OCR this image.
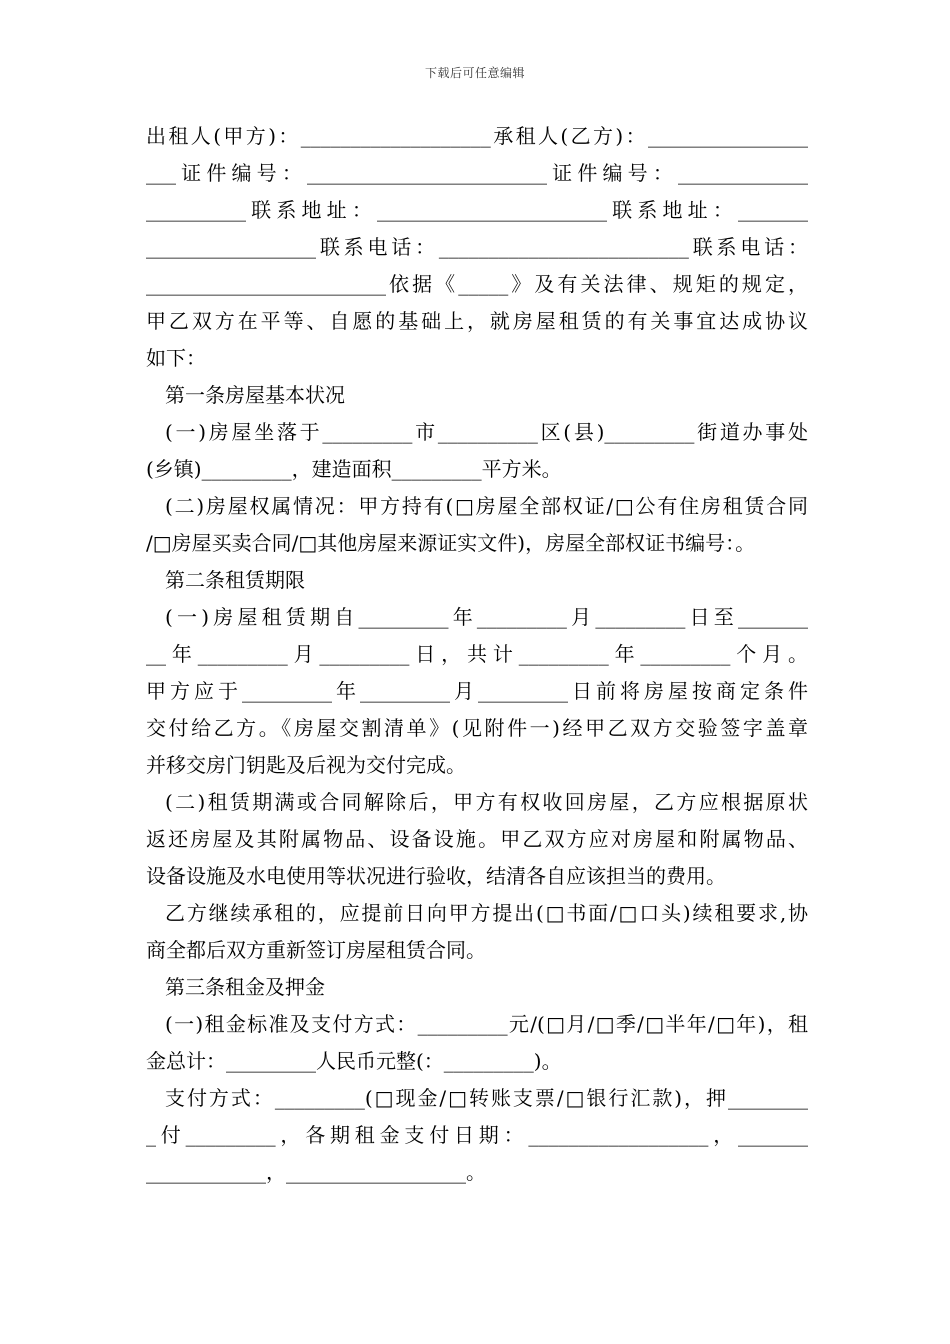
下载后可任意编辑
出租人(甲方)：___________________承租人(乙方)：________________
___证件编号：________________________证件编号：_____________
__________联系地址：_______________________联系地址：_______
_________________联系电话：_________________________联系电话：
________________________依据《_____》及有关法律、规矩的规定，
甲乙双方在平等、自愿的基础上，就房屋租赁的有关事宜达成协议
如下：
第一条房屋基本状况
(一)房屋坐落于_________市__________区(县)_________街道办事处
(乡镇)_________，建造面积_________平方米。
(二)房屋权属情况：甲方持有(□房屋全部权证/□公有住房租赁合同
/□房屋买卖合同/□其他房屋来源证实文件)，房屋全部权证书编号：。
第二条租赁期限
(一)房屋租赁期自_________年_________月_________日至_______
__年_________月_________日，共计_________年_________个月。
甲方应于_________年_________月_________日前将房屋按商定条件
交付给乙方。《房屋交割清单》(见附件一)经甲乙双方交验签字盖章
并移交房门钥匙及后视为交付完成。
(二)租赁期满或合同解除后，甲方有权收回房屋，乙方应根据原状
返还房屋及其附属物品、设备设施。甲乙双方应对房屋和附属物品、
设备设施及水电使用等状况进行验收，结清各自应该担当的费用。
乙方继续承租的，应提前日向甲方提出(□书面/□口头)续租要求,协
商全都后双方重新签订房屋租赁合同。
第三条租金及押金
(一)租金标准及支付方式：_________元/(□月/□季/□半年/□年)，租
金总计：_________人民币元整(：_________)。
支付方式：_________(□现金/□转账支票/□银行汇款)，押________
_付_________，各期租金支付日期：__________________，_______
____________，__________________。
